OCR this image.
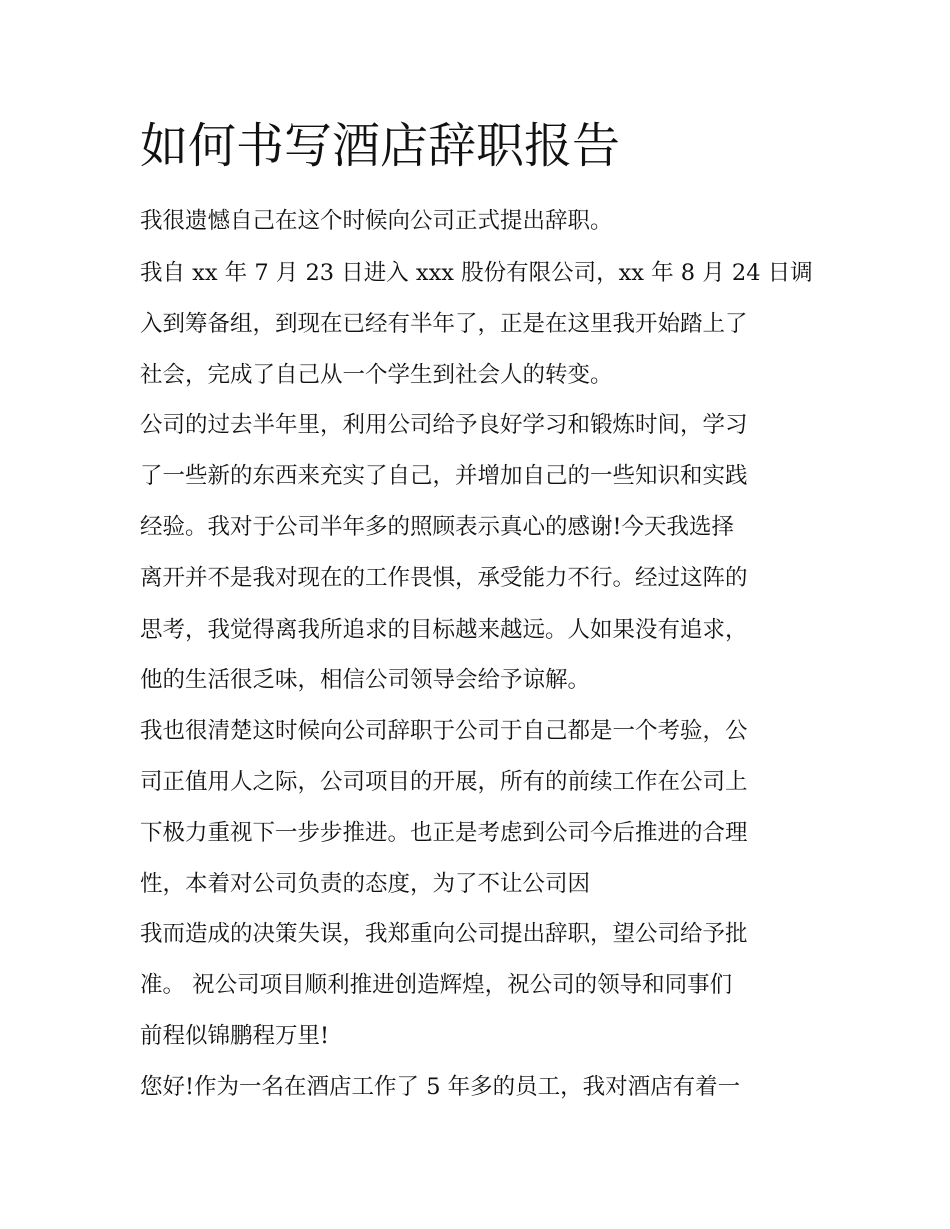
如何书写酒店辞职报告

我很遗憾自己在这个时候向公司正式提出辞职。

我自 xx 年 7 月 23 日进入 xxx 股份有限公司，xx 年 8 月 24 日调

入到筹备组，到现在已经有半年了，正是在这里我开始踏上了

社会，完成了自己从一个学生到社会人的转变。

公司的过去半年里，利用公司给予良好学习和锻炼时间，学习

了一些新的东西来充实了自己，并增加自己的一些知识和实践

经验。我对于公司半年多的照顾表示真心的感谢!今天我选择

离开并不是我对现在的工作畏惧，承受能力不行。经过这阵的

思考，我觉得离我所追求的目标越来越远。人如果没有追求，

他的生活很乏味，相信公司领导会给予谅解。

我也很清楚这时候向公司辞职于公司于自己都是一个考验，公

司正值用人之际，公司项目的开展，所有的前续工作在公司上

下极力重视下一步步推进。也正是考虑到公司今后推进的合理

性，本着对公司负责的态度，为了不让公司因

我而造成的决策失误，我郑重向公司提出辞职，望公司给予批

准。 祝公司项目顺利推进创造辉煌，祝公司的领导和同事们

前程似锦鹏程万里!

您好!作为一名在酒店工作了 5 年多的员工，我对酒店有着一
